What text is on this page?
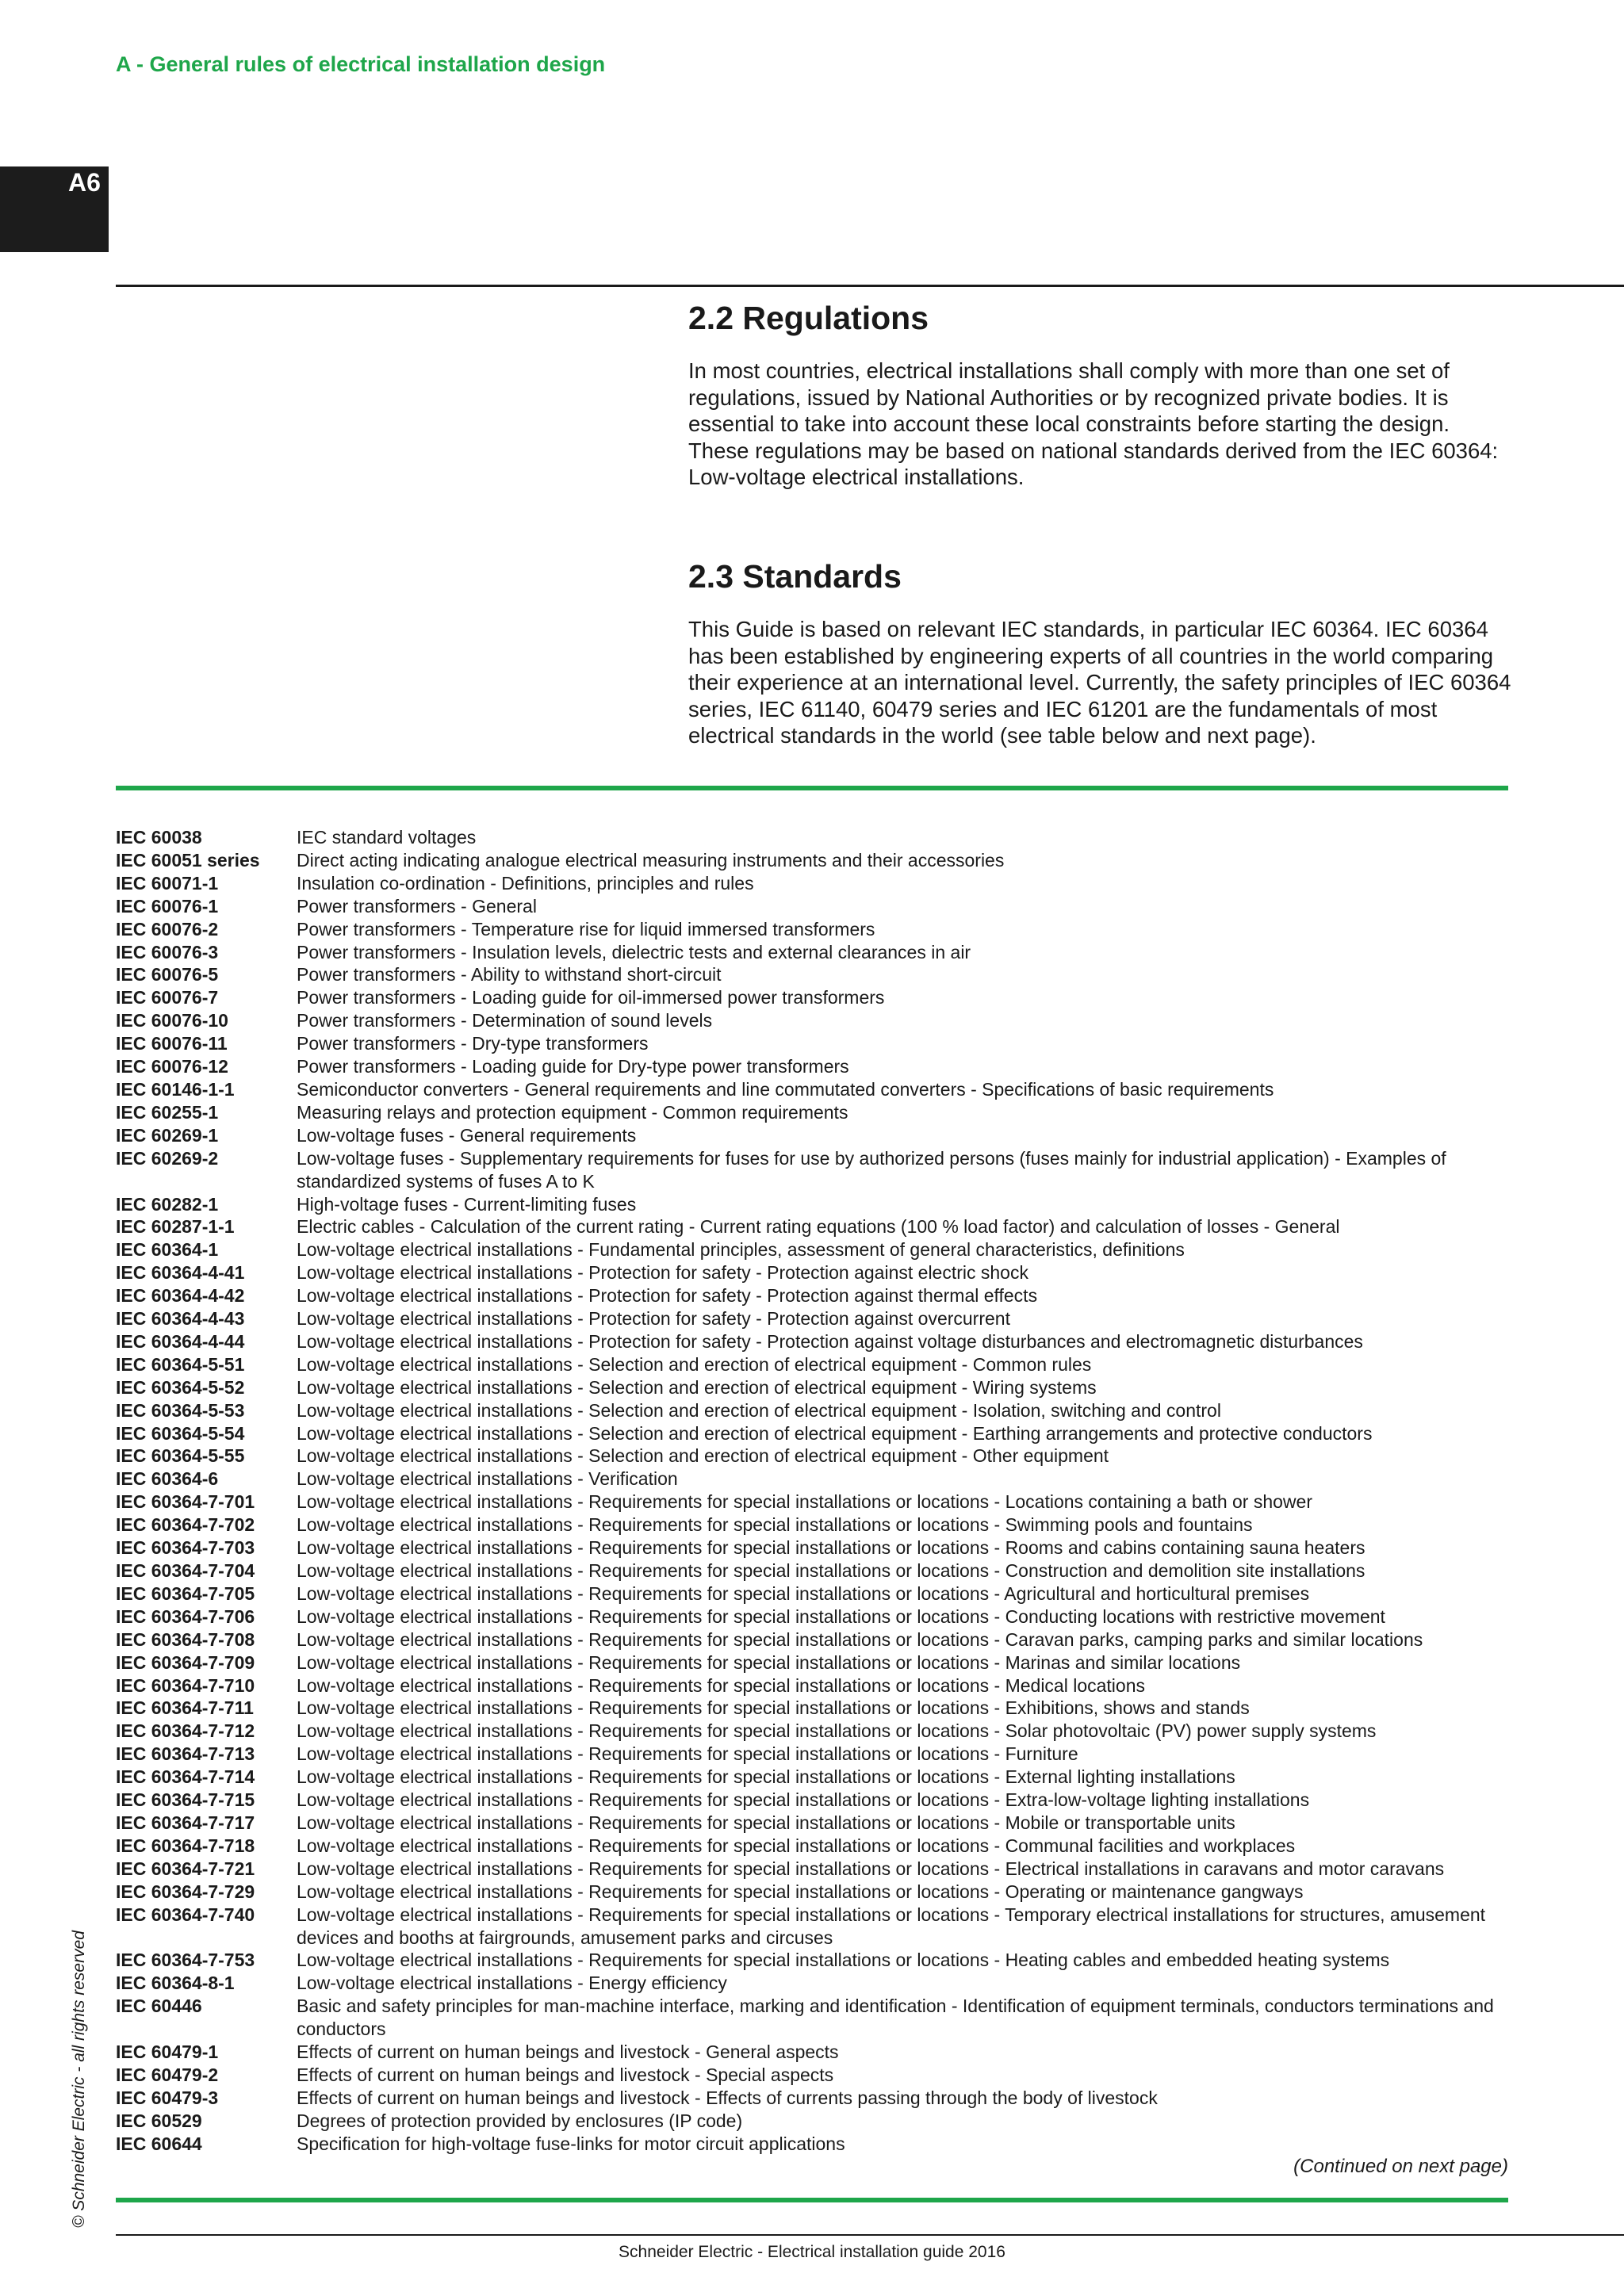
A - General rules of electrical installation design
A6
2.2 Regulations

In most countries, electrical installations shall comply with more than one set of regulations, issued by National Authorities or by recognized private bodies. It is essential to take into account these local constraints before starting the design. These regulations may be based on national standards derived from the IEC 60364: Low-voltage electrical installations.

2.3 Standards

This Guide is based on relevant IEC standards, in particular IEC 60364. IEC 60364 has been established by engineering experts of all countries in the world comparing their experience at an international level. Currently, the safety principles of IEC 60364 series, IEC 61140, 60479 series and IEC 61201 are the fundamentals of most electrical standards in the world (see table below and next page).

IEC 60038	IEC standard voltages
IEC 60051 series	Direct acting indicating analogue electrical measuring instruments and their accessories
IEC 60071-1	Insulation co-ordination - Definitions, principles and rules
IEC 60076-1	Power transformers - General
IEC 60076-2	Power transformers - Temperature rise for liquid immersed transformers
IEC 60076-3	Power transformers - Insulation levels, dielectric tests and external clearances in air
IEC 60076-5	Power transformers - Ability to withstand short-circuit
IEC 60076-7	Power transformers - Loading guide for oil-immersed power transformers
IEC 60076-10	Power transformers - Determination of sound levels
IEC 60076-11	Power transformers - Dry-type transformers
IEC 60076-12	Power transformers - Loading guide for Dry-type power transformers
IEC 60146-1-1	Semiconductor converters - General requirements and line commutated converters - Specifications of basic requirements
IEC 60255-1	Measuring relays and protection equipment - Common requirements
IEC 60269-1	Low-voltage fuses - General requirements
IEC 60269-2	Low-voltage fuses - Supplementary requirements for fuses for use by authorized persons (fuses mainly for industrial application) - Examples of standardized systems of fuses A to K
IEC 60282-1	High-voltage fuses - Current-limiting fuses
IEC 60287-1-1	Electric cables - Calculation of the current rating - Current rating equations (100 % load factor) and calculation of losses - General
IEC 60364-1	Low-voltage electrical installations - Fundamental principles, assessment of general characteristics, definitions
IEC 60364-4-41	Low-voltage electrical installations - Protection for safety - Protection against electric shock
IEC 60364-4-42	Low-voltage electrical installations - Protection for safety - Protection against thermal effects
IEC 60364-4-43	Low-voltage electrical installations - Protection for safety - Protection against overcurrent
IEC 60364-4-44	Low-voltage electrical installations - Protection for safety - Protection against voltage disturbances and electromagnetic disturbances
IEC 60364-5-51	Low-voltage electrical installations - Selection and erection of electrical equipment - Common rules
IEC 60364-5-52	Low-voltage electrical installations - Selection and erection of electrical equipment - Wiring systems
IEC 60364-5-53	Low-voltage electrical installations - Selection and erection of electrical equipment - Isolation, switching and control
IEC 60364-5-54	Low-voltage electrical installations - Selection and erection of electrical equipment - Earthing arrangements and protective conductors
IEC 60364-5-55	Low-voltage electrical installations - Selection and erection of electrical equipment - Other equipment
IEC 60364-6	Low-voltage electrical installations - Verification
IEC 60364-7-701	Low-voltage electrical installations - Requirements for special installations or locations - Locations containing a bath or shower
IEC 60364-7-702	Low-voltage electrical installations - Requirements for special installations or locations - Swimming pools and fountains
IEC 60364-7-703	Low-voltage electrical installations - Requirements for special installations or locations - Rooms and cabins containing sauna heaters
IEC 60364-7-704	Low-voltage electrical installations - Requirements for special installations or locations - Construction and demolition site installations
IEC 60364-7-705	Low-voltage electrical installations - Requirements for special installations or locations - Agricultural and horticultural premises
IEC 60364-7-706	Low-voltage electrical installations - Requirements for special installations or locations - Conducting locations with restrictive movement
IEC 60364-7-708	Low-voltage electrical installations - Requirements for special installations or locations - Caravan parks, camping parks and similar locations
IEC 60364-7-709	Low-voltage electrical installations - Requirements for special installations or locations - Marinas and similar locations
IEC 60364-7-710	Low-voltage electrical installations - Requirements for special installations or locations - Medical locations
IEC 60364-7-711	Low-voltage electrical installations - Requirements for special installations or locations - Exhibitions, shows and stands
IEC 60364-7-712	Low-voltage electrical installations - Requirements for special installations or locations - Solar photovoltaic (PV) power supply systems
IEC 60364-7-713	Low-voltage electrical installations - Requirements for special installations or locations - Furniture
IEC 60364-7-714	Low-voltage electrical installations - Requirements for special installations or locations - External lighting installations
IEC 60364-7-715	Low-voltage electrical installations - Requirements for special installations or locations - Extra-low-voltage lighting installations
IEC 60364-7-717	Low-voltage electrical installations - Requirements for special installations or locations - Mobile or transportable units
IEC 60364-7-718	Low-voltage electrical installations - Requirements for special installations or locations - Communal facilities and workplaces
IEC 60364-7-721	Low-voltage electrical installations - Requirements for special installations or locations - Electrical installations in caravans and motor caravans
IEC 60364-7-729	Low-voltage electrical installations - Requirements for special installations or locations - Operating or maintenance gangways
IEC 60364-7-740	Low-voltage electrical installations - Requirements for special installations or locations - Temporary electrical installations for structures, amusement devices and booths at fairgrounds, amusement parks and circuses
IEC 60364-7-753	Low-voltage electrical installations - Requirements for special installations or locations - Heating cables and embedded heating systems
IEC 60364-8-1	Low-voltage electrical installations - Energy efficiency
IEC 60446	Basic and safety principles for man-machine interface, marking and identification - Identification of equipment terminals, conductors terminations and conductors
IEC 60479-1	Effects of current on human beings and livestock - General aspects
IEC 60479-2	Effects of current on human beings and livestock - Special aspects
IEC 60479-3	Effects of current on human beings and livestock - Effects of currents passing through the body of livestock
IEC 60529	Degrees of protection provided by enclosures (IP code)
IEC 60644	Specification for high-voltage fuse-links for motor circuit applications
(Continued on next page)
© Schneider Electric - all rights reserved
Schneider Electric - Electrical installation guide 2016
